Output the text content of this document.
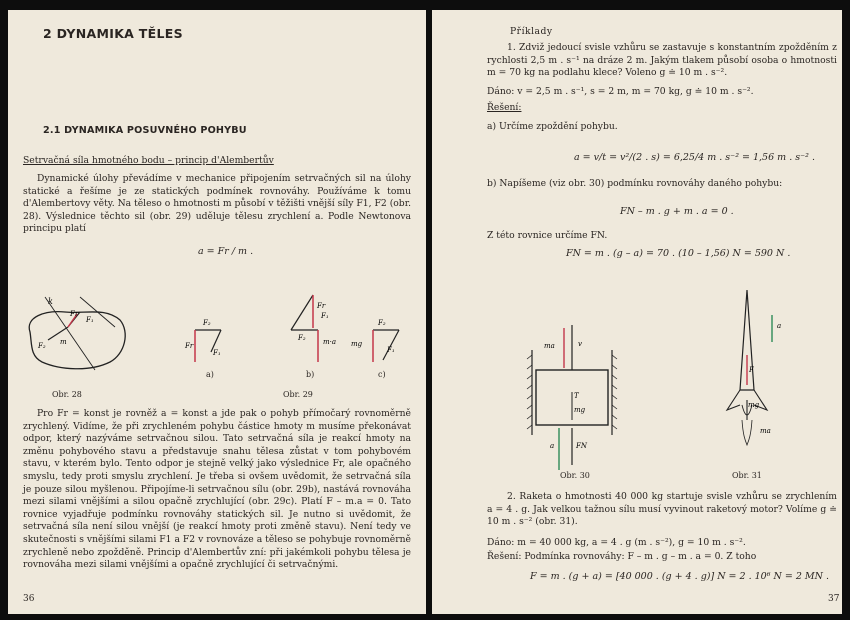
2 DYNAMIKA TĚLES
2.1 DYNAMIKA POSUVNÉHO POHYBU
Setrvačná síla hmotného bodu – princip d'Alembertův

Dynamické úlohy převádíme v mechanice připojením setrvačných sil na úlohy statické a řešíme je ze statických podmínek rovnováhy. Používáme k tomu d'Alembertovy věty. Na těleso o hmotnosti m působí v těžišti vnější síly F1, F2 (obr. 28). Výslednice těchto sil (obr. 29) uděluje tělesu zrychlení a. Podle Newtonova principu platí

a = Fr / m .
k
F₁
Fr
m
F₂
Obr. 28
F₂
Fr
F₁
Fr
F₁
F₂ m·a
F₂
mg
F₁
a)	b)	c)
Obr. 29

Pro Fr = konst je rovněž a = konst a jde pak o pohyb přímočarý rovnoměrně zrychlený. Vidíme, že při zrychleném pohybu částice hmoty m musíme překonávat odpor, který nazýváme setrvačnou silou. Tato setrvačná síla je reakcí hmoty na změnu pohybového stavu a představuje snahu tělesa zůstat v tom pohybovém stavu, v kterém bylo. Tento odpor je stejně velký jako výslednice Fr, ale opačného smyslu, tedy proti smyslu zrychlení. Je třeba si ovšem uvědomit, že setrvačná síla je pouze silou myšlenou. Připojíme-li setrvačnou sílu (obr. 29b), nastává rovnováha mezi silami vnějšími a silou opačně zrychlující (obr. 29c). Platí F – m.a = 0. Tato rovnice vyjadřuje podmínku rovnováhy statických sil. Je nutno si uvědomit, že setrvačná síla není silou vnější (je reakcí hmoty proti změně stavu). Není tedy ve skutečnosti s vnějšími silami F1 a F2 v rovnováze a těleso se pohybuje rovnoměrně zrychleně nebo zpožděně. Princip d'Alembertův zní: při jakémkoli pohybu tělesa je rovnováha mezi silami vnějšími a opačně zrychlující či setrvačnými.

36
Příklady

1. Zdviž jedoucí svisle vzhůru se zastavuje s konstantním zpožděním z rychlosti 2,5 m . s⁻¹ na dráze 2 m. Jakým tlakem působí osoba o hmotnosti m = 70 kg na podlahu klece? Voleno g ≐ 10 m . s⁻².

Dáno: v = 2,5 m . s⁻¹, s = 2 m, m = 70 kg, g ≐ 10 m . s⁻².
Řešení:
a) Určíme zpoždění pohybu.
a = v/t = v²/(2 . s) = 6,25/4 m . s⁻² = 1,56 m . s⁻² .
b) Napíšeme (viz obr. 30) podmínku rovnováhy daného pohybu:
FN – m . g + m . a = 0 .
Z této rovnice určíme FN.
FN = m . (g – a) = 70 . (10 – 1,56) N = 590 N .
ma	v
T
mg
a	FN
Obr. 30
a
F
mg
ma
Obr. 31

2. Raketa o hmotnosti 40 000 kg startuje svisle vzhůru se zrychlením a = 4 . g. Jak velkou tažnou sílu musí vyvinout raketový motor? Volíme g ≐ 10 m . s⁻² (obr. 31).

Dáno: m = 40 000 kg, a = 4 . g (m . s⁻²), g = 10 m . s⁻².
Řešení: Podmínka rovnováhy: F – m . g – m . a = 0. Z toho
F = m . (g + a) = [40 000 . (g + 4 . g)] N = 2 . 10⁶ N = 2 MN .
37
